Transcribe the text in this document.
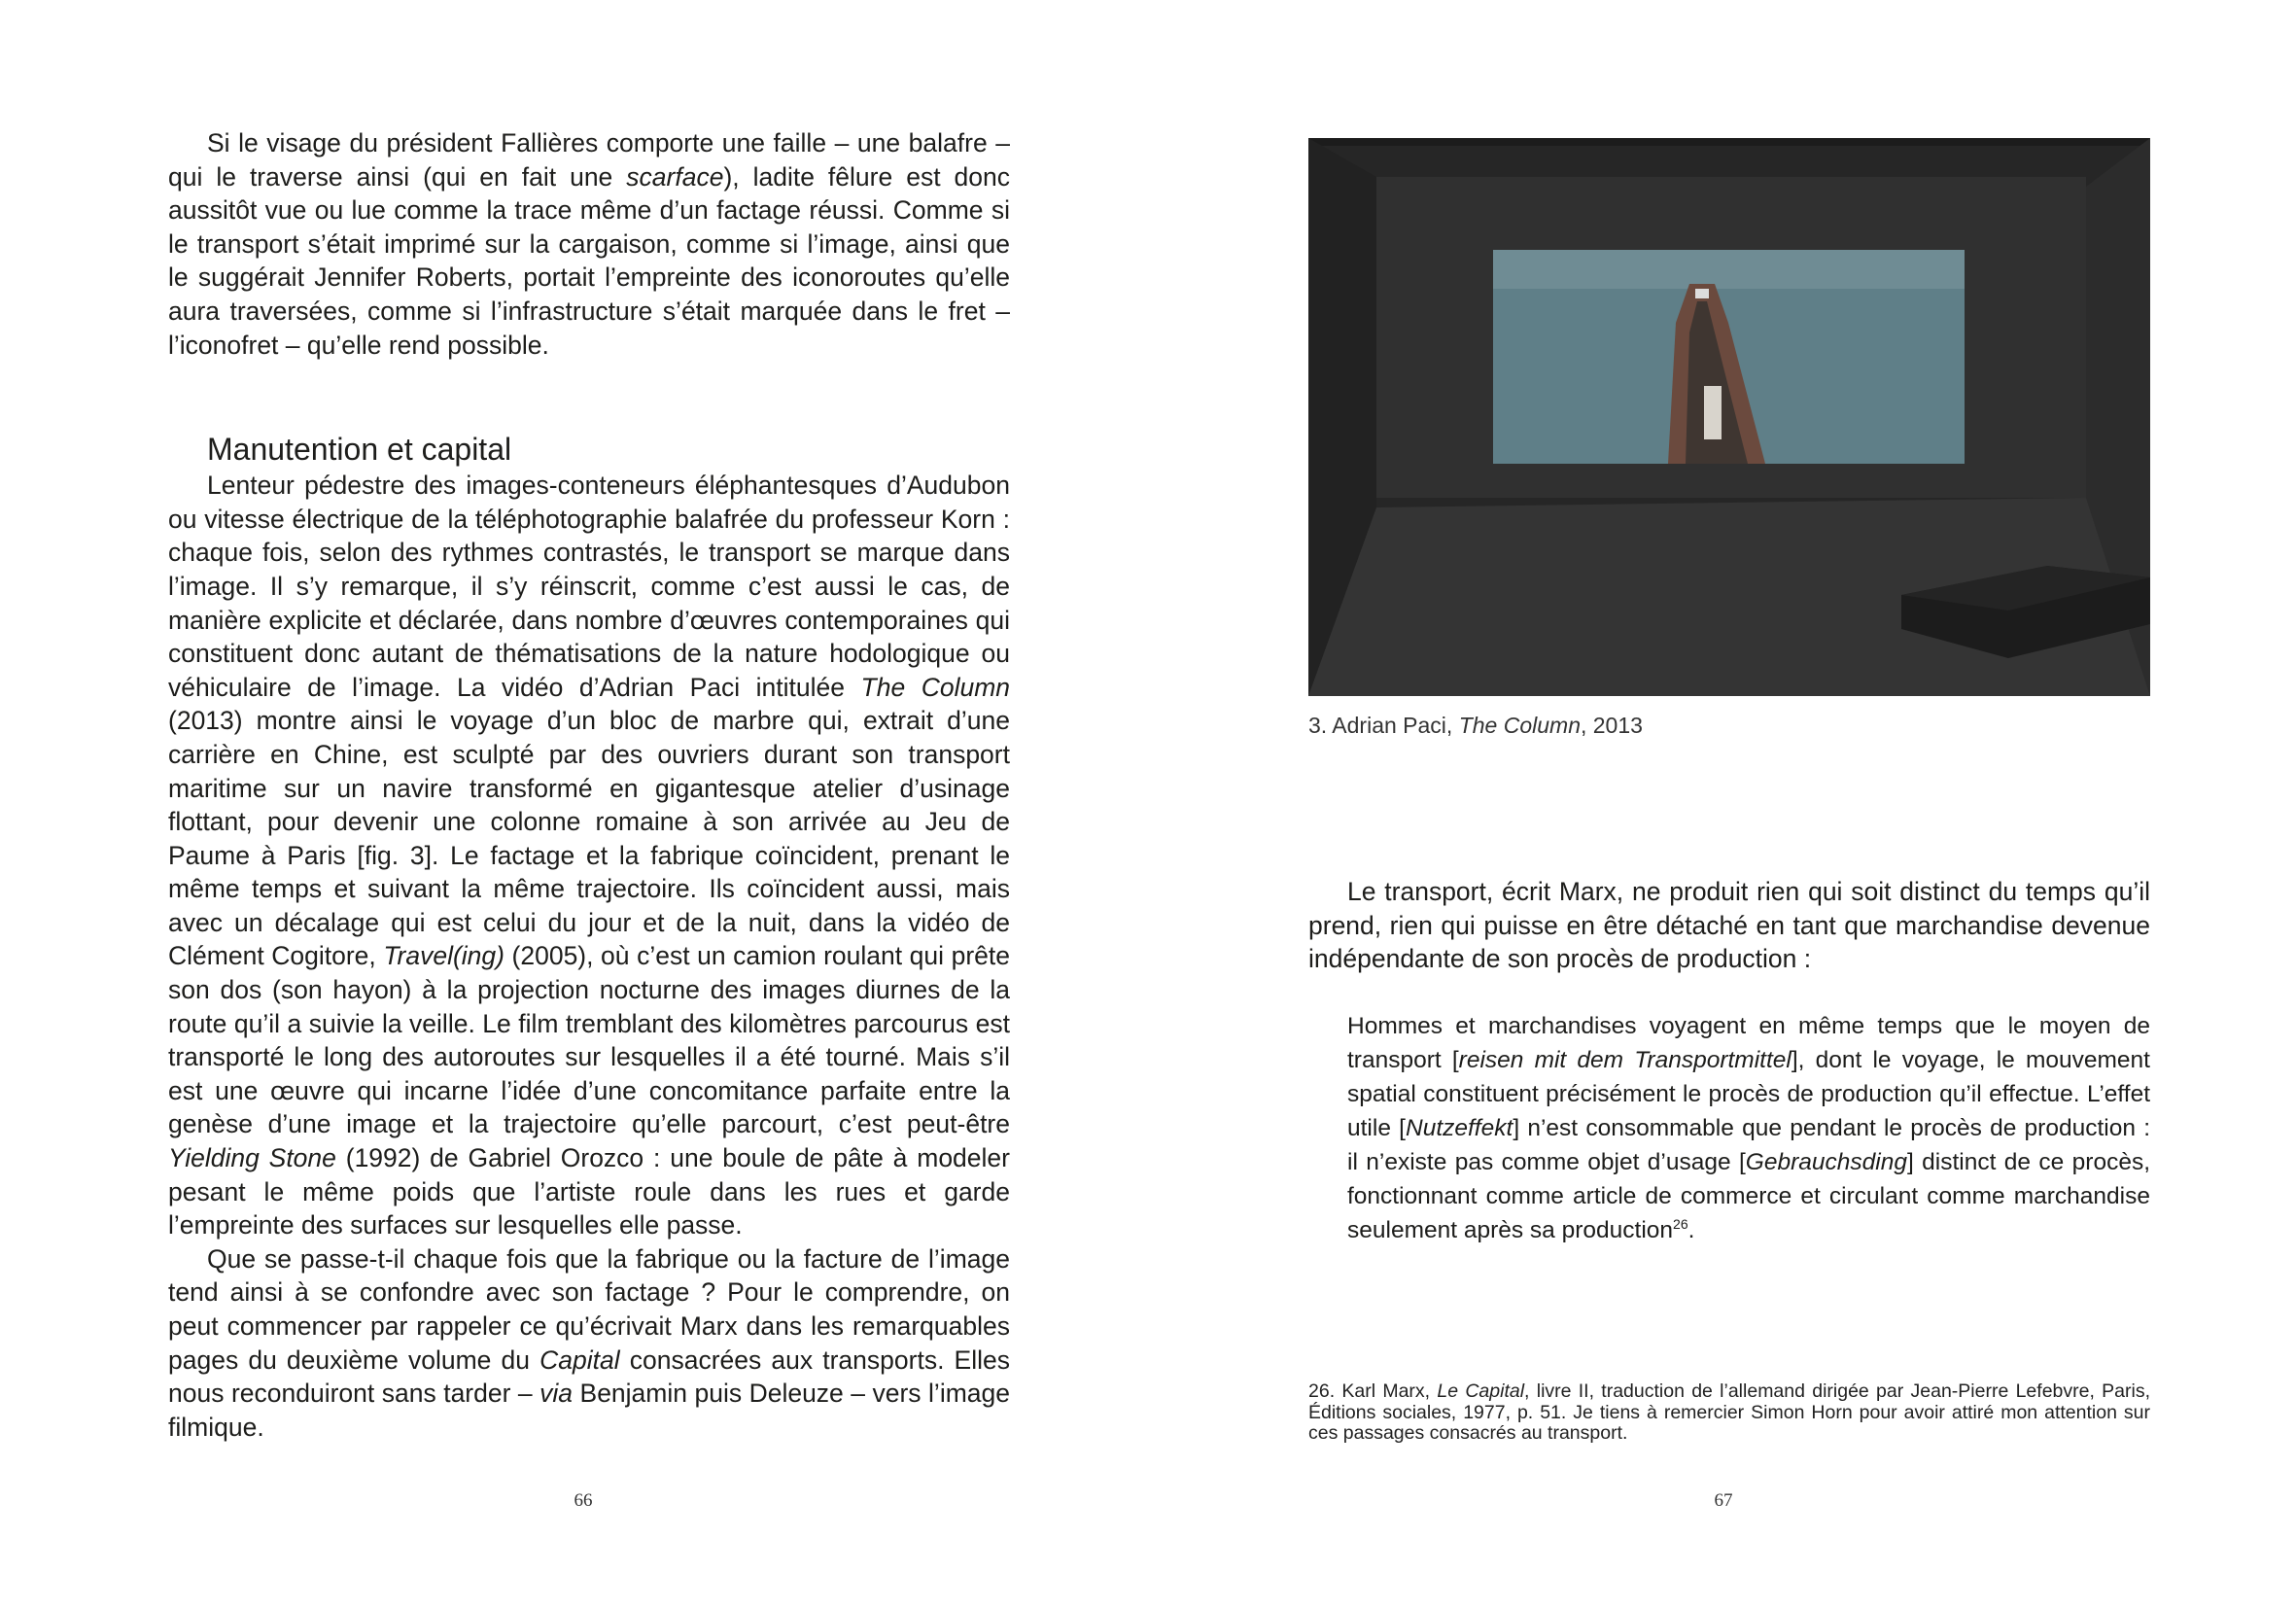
Si le visage du président Fallières comporte une faille – une balafre – qui le traverse ainsi (qui en fait une scarface), ladite fêlure est donc aussitôt vue ou lue comme la trace même d’un factage réussi. Comme si le transport s’était imprimé sur la cargaison, comme si l’image, ainsi que le suggérait Jennifer Roberts, portait l’empreinte des iconoroutes qu’elle aura traversées, comme si l’infrastructure s’était marquée dans le fret – l’iconofret – qu’elle rend possible.

Manutention et capital

Lenteur pédestre des images-conteneurs éléphantesques d’Audubon ou vitesse électrique de la téléphotographie balafrée du professeur Korn : chaque fois, selon des rythmes contrastés, le transport se marque dans l’image. Il s’y remarque, il s’y réinscrit, comme c’est aussi le cas, de manière explicite et déclarée, dans nombre d’œuvres contemporaines qui constituent donc autant de thématisations de la nature hodologique ou véhiculaire de l’image. La vidéo d’Adrian Paci intitulée The Column (2013) montre ainsi le voyage d’un bloc de marbre qui, extrait d’une carrière en Chine, est sculpté par des ouvriers durant son transport maritime sur un navire transformé en gigantesque atelier d’usinage flottant, pour devenir une colonne romaine à son arrivée au Jeu de Paume à Paris [fig. 3]. Le factage et la fabrique coïncident, prenant le même temps et suivant la même trajectoire. Ils coïncident aussi, mais avec un décalage qui est celui du jour et de la nuit, dans la vidéo de Clément Cogitore, Travel(ing) (2005), où c’est un camion roulant qui prête son dos (son hayon) à la projection nocturne des images diurnes de la route qu’il a suivie la veille. Le film tremblant des kilomètres parcourus est transporté le long des autoroutes sur lesquelles il a été tourné. Mais s’il est une œuvre qui incarne l’idée d’une concomitance parfaite entre la genèse d’une image et la trajectoire qu’elle parcourt, c’est peut-être Yielding Stone (1992) de Gabriel Orozco : une boule de pâte à modeler pesant le même poids que l’artiste roule dans les rues et garde l’empreinte des surfaces sur lesquelles elle passe.

Que se passe-t-il chaque fois que la fabrique ou la facture de l’image tend ainsi à se confondre avec son factage ? Pour le comprendre, on peut commencer par rappeler ce qu’écrivait Marx dans les remarquables pages du deuxième volume du Capital consacrées aux transports. Elles nous reconduiront sans tarder – via Benjamin puis Deleuze – vers l’image filmique.

66
3. Adrian Paci, The Column, 2013

Le transport, écrit Marx, ne produit rien qui soit distinct du temps qu’il prend, rien qui puisse en être détaché en tant que marchandise devenue indépendante de son procès de production :

Hommes et marchandises voyagent en même temps que le moyen de transport [reisen mit dem Transportmittel], dont le voyage, le mouvement spatial constituent précisément le procès de production qu’il effectue. L’effet utile [Nutzeffekt] n’est consommable que pendant le procès de production : il n’existe pas comme objet d’usage [Gebrauchsding] distinct de ce procès, fonctionnant comme article de commerce et circulant comme marchandise seulement après sa production$^{26}$.

26. Karl Marx, Le Capital, livre II, traduction de l’allemand dirigée par Jean-Pierre Lefebvre, Paris, Éditions sociales, 1977, p. 51. Je tiens à remercier Simon Horn pour avoir attiré mon attention sur ces passages consacrés au transport.
67
